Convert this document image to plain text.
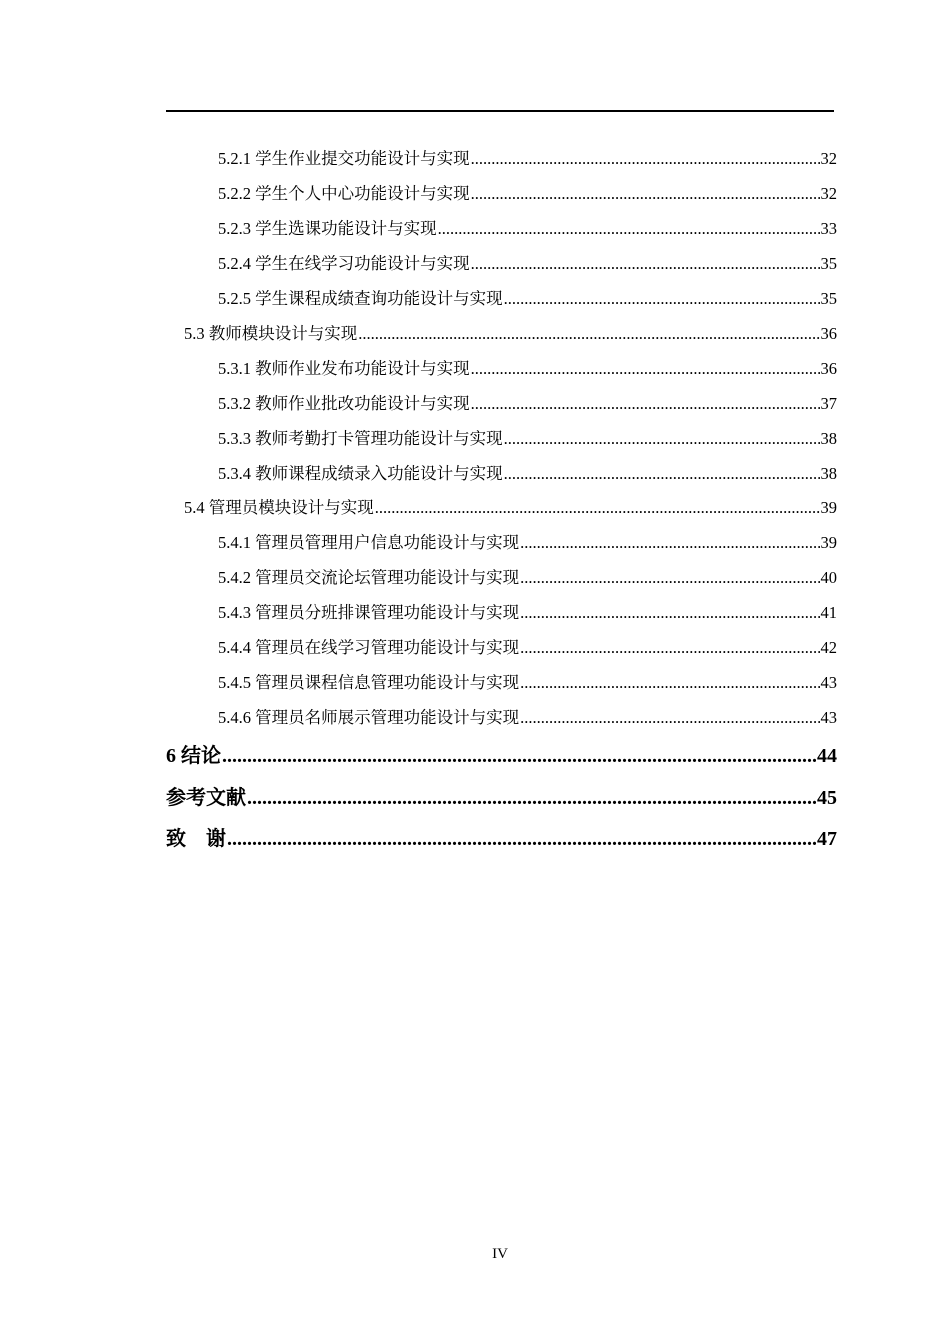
5.2.1 学生作业提交功能设计与实现 .....	32
5.2.2 学生个人中心功能设计与实现 .....	32
5.2.3 学生选课功能设计与实现 .....	33
5.2.4 学生在线学习功能设计与实现 .....	35
5.2.5 学生课程成绩查询功能设计与实现 .....	35
5.3 教师模块设计与实现 .....	36
5.3.1 教师作业发布功能设计与实现 .....	36
5.3.2 教师作业批改功能设计与实现 .....	37
5.3.3 教师考勤打卡管理功能设计与实现 .....	38
5.3.4 教师课程成绩录入功能设计与实现 .....	38
5.4 管理员模块设计与实现 .....	39
5.4.1 管理员管理用户信息功能设计与实现 .....	39
5.4.2 管理员交流论坛管理功能设计与实现 .....	40
5.4.3 管理员分班排课管理功能设计与实现 .....	41
5.4.4 管理员在线学习管理功能设计与实现 .....	42
5.4.5 管理员课程信息管理功能设计与实现 .....	43
5.4.6 管理员名师展示管理功能设计与实现 .....	43
6 结论 .....	44
参考文献 .....	45
致　谢 .....	47
IV
